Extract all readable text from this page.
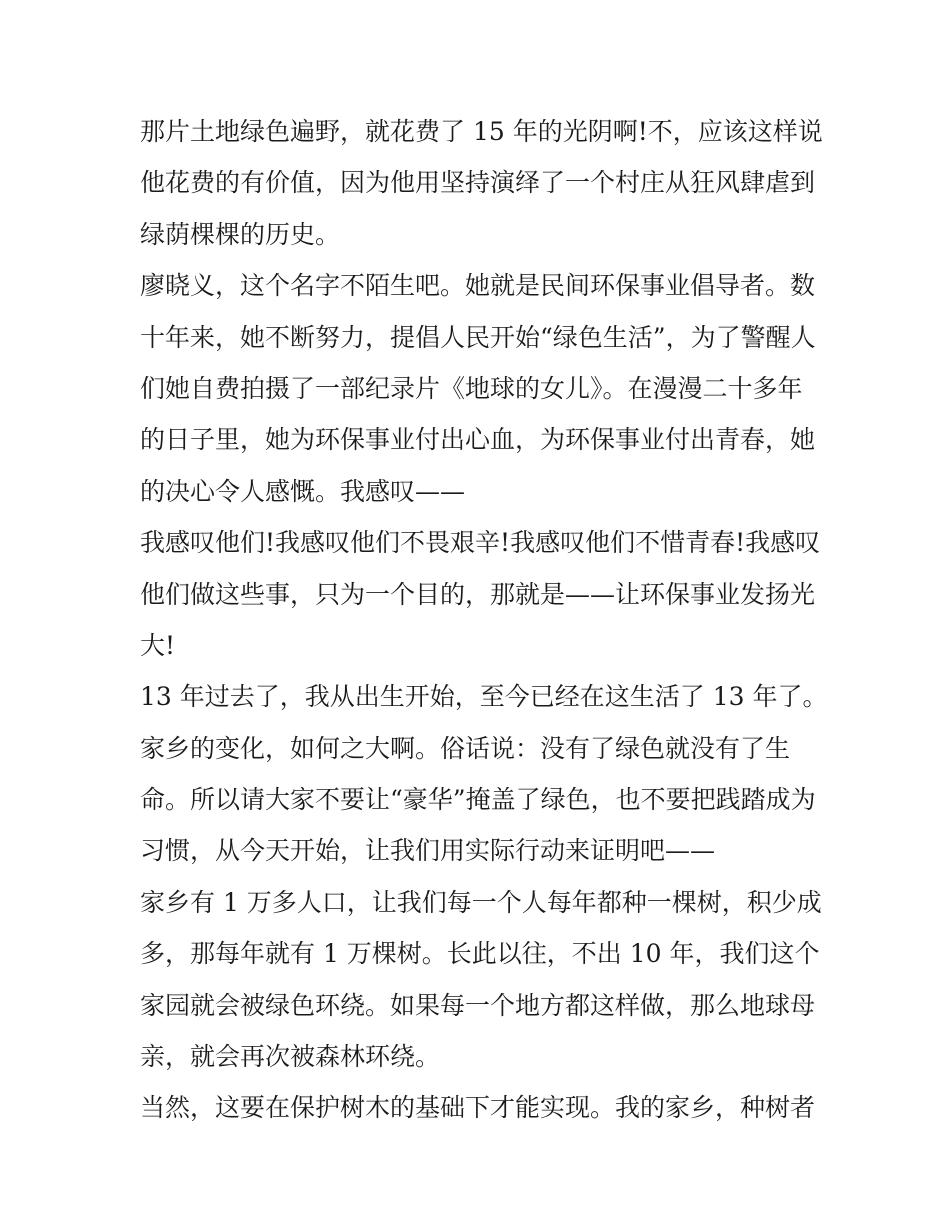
那片土地绿色遍野，就花费了 15 年的光阴啊!不，应该这样说
他花费的有价值，因为他用坚持演绎了一个村庄从狂风肆虐到
绿荫棵棵的历史。
廖晓义，这个名字不陌生吧。她就是民间环保事业倡导者。数
十年来，她不断努力，提倡人民开始“绿色生活”，为了警醒人
们她自费拍摄了一部纪录片《地球的女儿》。在漫漫二十多年
的日子里，她为环保事业付出心血，为环保事业付出青春，她
的决心令人感慨。我感叹——
我感叹他们!我感叹他们不畏艰辛!我感叹他们不惜青春!我感叹
他们做这些事，只为一个目的，那就是——让环保事业发扬光
大!
13 年过去了，我从出生开始，至今已经在这生活了 13 年了。
家乡的变化，如何之大啊。俗话说：没有了绿色就没有了生
命。所以请大家不要让“豪华”掩盖了绿色，也不要把践踏成为
习惯，从今天开始，让我们用实际行动来证明吧——
家乡有 1 万多人口，让我们每一个人每年都种一棵树，积少成
多，那每年就有 1 万棵树。长此以往，不出 10 年，我们这个
家园就会被绿色环绕。如果每一个地方都这样做，那么地球母
亲，就会再次被森林环绕。
当然，这要在保护树木的基础下才能实现。我的家乡，种树者
